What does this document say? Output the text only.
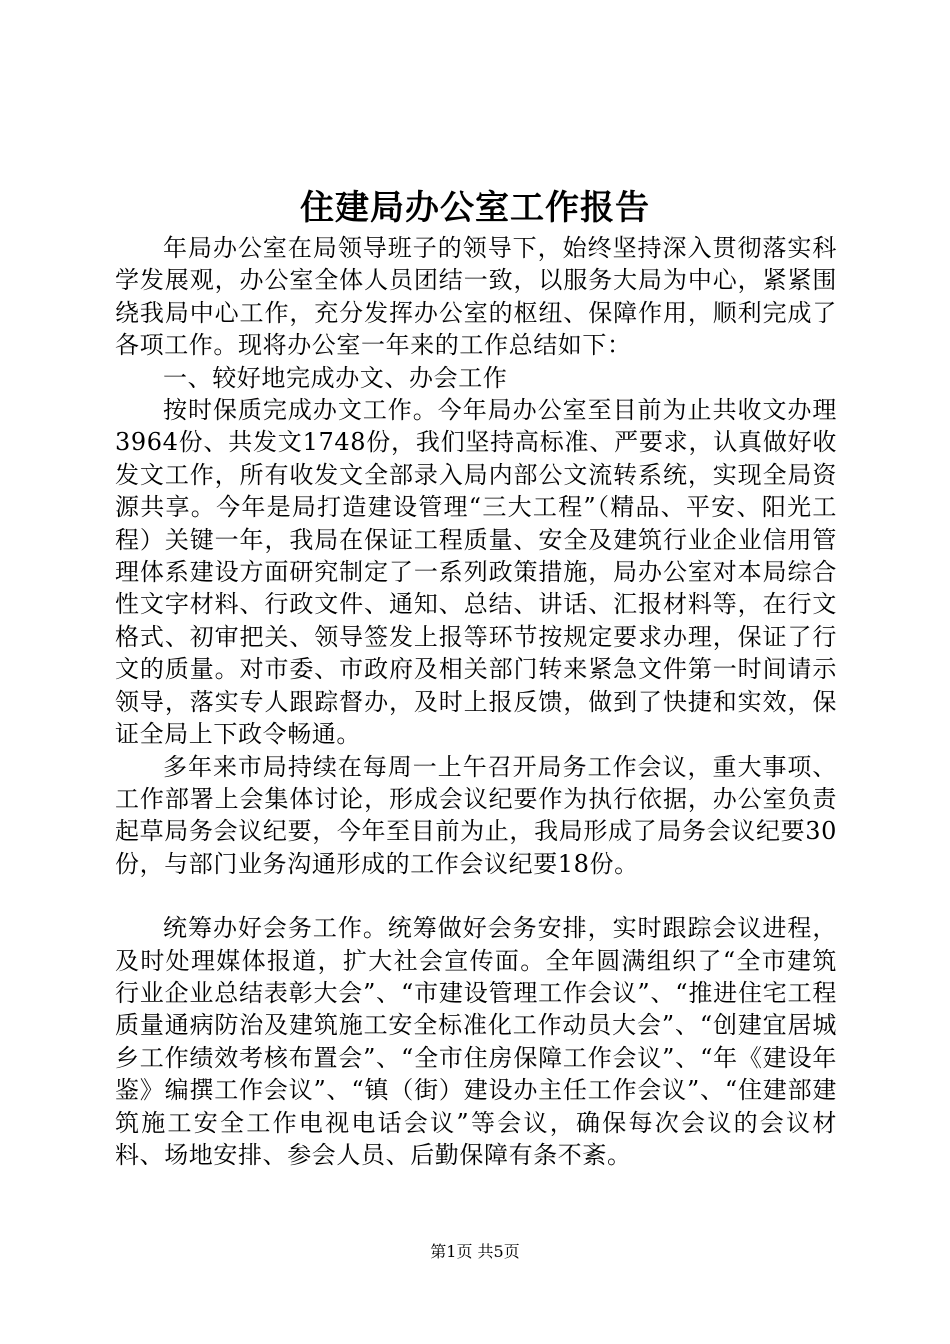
住建局办公室工作报告

年局办公室在局领导班子的领导下，始终坚持深入贯彻落实科学发展观，办公室全体人员团结一致，以服务大局为中心，紧紧围绕我局中心工作，充分发挥办公室的枢纽、保障作用，顺利完成了各项工作。现将办公室一年来的工作总结如下：

一、较好地完成办文、办会工作

按时保质完成办文工作。今年局办公室至目前为止共收文办理3964份、共发文1748份，我们坚持高标准、严要求，认真做好收发文工作，所有收发文全部录入局内部公文流转系统，实现全局资源共享。今年是局打造建设管理“三大工程”（精品、平安、阳光工程）关键一年，我局在保证工程质量、安全及建筑行业企业信用管理体系建设方面研究制定了一系列政策措施，局办公室对本局综合性文字材料、行政文件、通知、总结、讲话、汇报材料等，在行文格式、初审把关、领导签发上报等环节按规定要求办理，保证了行文的质量。对市委、市政府及相关部门转来紧急文件第一时间请示领导，落实专人跟踪督办，及时上报反馈，做到了快捷和实效，保证全局上下政令畅通。

多年来市局持续在每周一上午召开局务工作会议，重大事项、工作部署上会集体讨论，形成会议纪要作为执行依据，办公室负责起草局务会议纪要，今年至目前为止，我局形成了局务会议纪要30份，与部门业务沟通形成的工作会议纪要18份。

统筹办好会务工作。统筹做好会务安排，实时跟踪会议进程，及时处理媒体报道，扩大社会宣传面。全年圆满组织了“全市建筑行业企业总结表彰大会”、“市建设管理工作会议”、“推进住宅工程质量通病防治及建筑施工安全标准化工作动员大会”、“创建宜居城乡工作绩效考核布置会”、“全市住房保障工作会议”、“年《建设年鉴》编撰工作会议”、“镇（街）建设办主任工作会议”、“住建部建筑施工安全工作电视电话会议”等会议，确保每次会议的会议材料、场地安排、参会人员、后勤保障有条不紊。

第1页 共5页
